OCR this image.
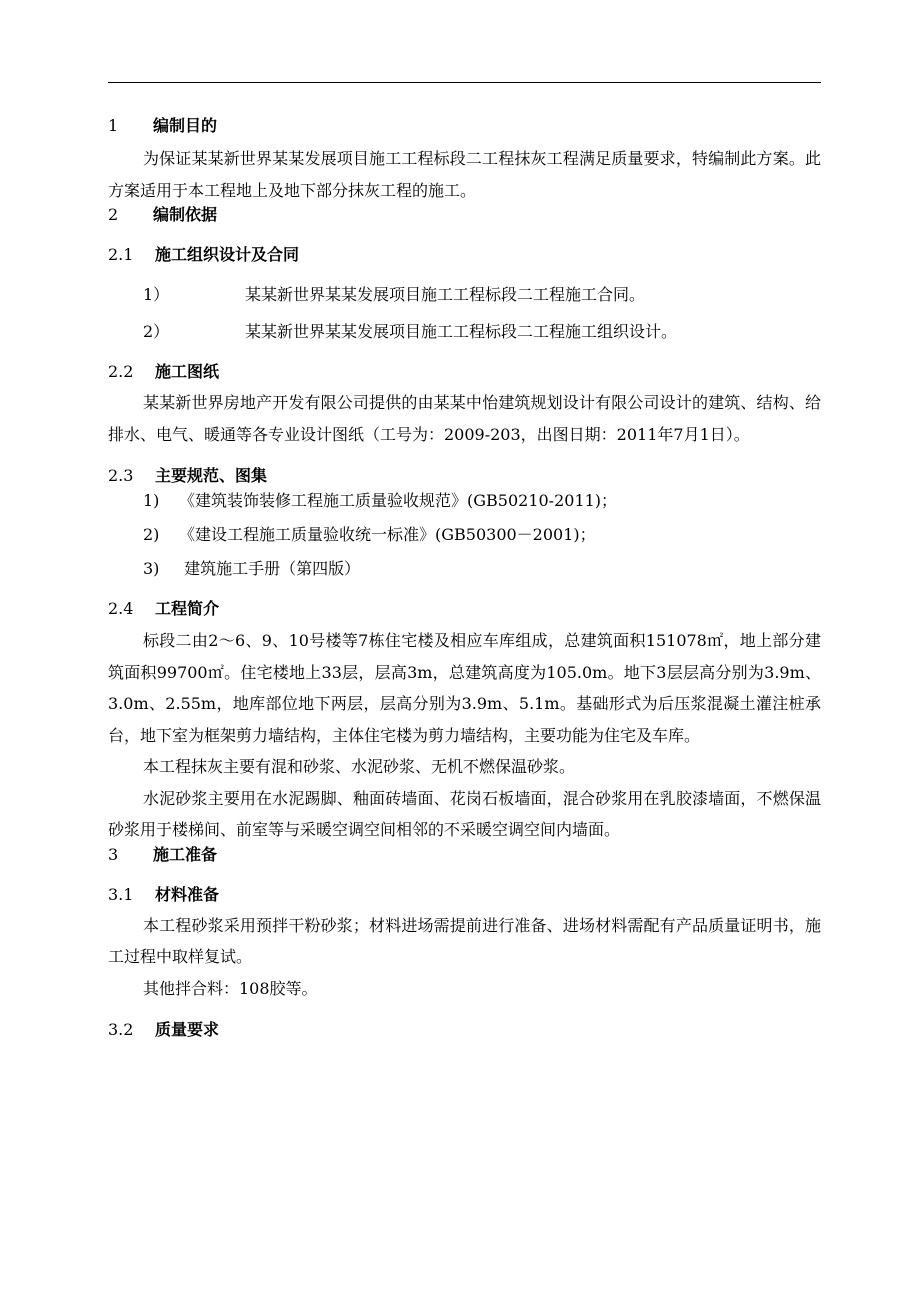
1 编制目的

为保证某某新世界某某发展项目施工工程标段二工程抹灰工程满足质量要求，特编制此方案。此方案适用于本工程地上及地下部分抹灰工程的施工。

2 编制依据
2.1 施工组织设计及合同
1）	某某新世界某某发展项目施工工程标段二工程施工合同。
2）	某某新世界某某发展项目施工工程标段二工程施工组织设计。
2.2 施工图纸

某某新世界房地产开发有限公司提供的由某某中怡建筑规划设计有限公司设计的建筑、结构、给排水、电气、暖通等各专业设计图纸（工号为：2009-203，出图日期：2011年7月1日）。

2.3 主要规范、图集
1) 《建筑装饰装修工程施工质量验收规范》(GB50210-2011)；
2) 《建设工程施工质量验收统一标准》(GB50300－2001)；
3) 建筑施工手册（第四版）
2.4 工程简介

标段二由2～6、9、10号楼等7栋住宅楼及相应车库组成，总建筑面积151078㎡，地上部分建筑面积99700㎡。住宅楼地上33层，层高3m，总建筑高度为105.0m。地下3层层高分别为3.9m、3.0m、2.55m，地库部位地下两层，层高分别为3.9m、5.1m。基础形式为后压浆混凝土灌注桩承台，地下室为框架剪力墙结构，主体住宅楼为剪力墙结构，主要功能为住宅及车库。

本工程抹灰主要有混和砂浆、水泥砂浆、无机不燃保温砂浆。

水泥砂浆主要用在水泥踢脚、釉面砖墙面、花岗石板墙面，混合砂浆用在乳胶漆墙面，不燃保温砂浆用于楼梯间、前室等与采暖空调空间相邻的不采暖空调空间内墙面。

3 施工准备
3.1 材料准备

本工程砂浆采用预拌干粉砂浆；材料进场需提前进行准备、进场材料需配有产品质量证明书，施工过程中取样复试。

其他拌合料：108胶等。

3.2 质量要求
